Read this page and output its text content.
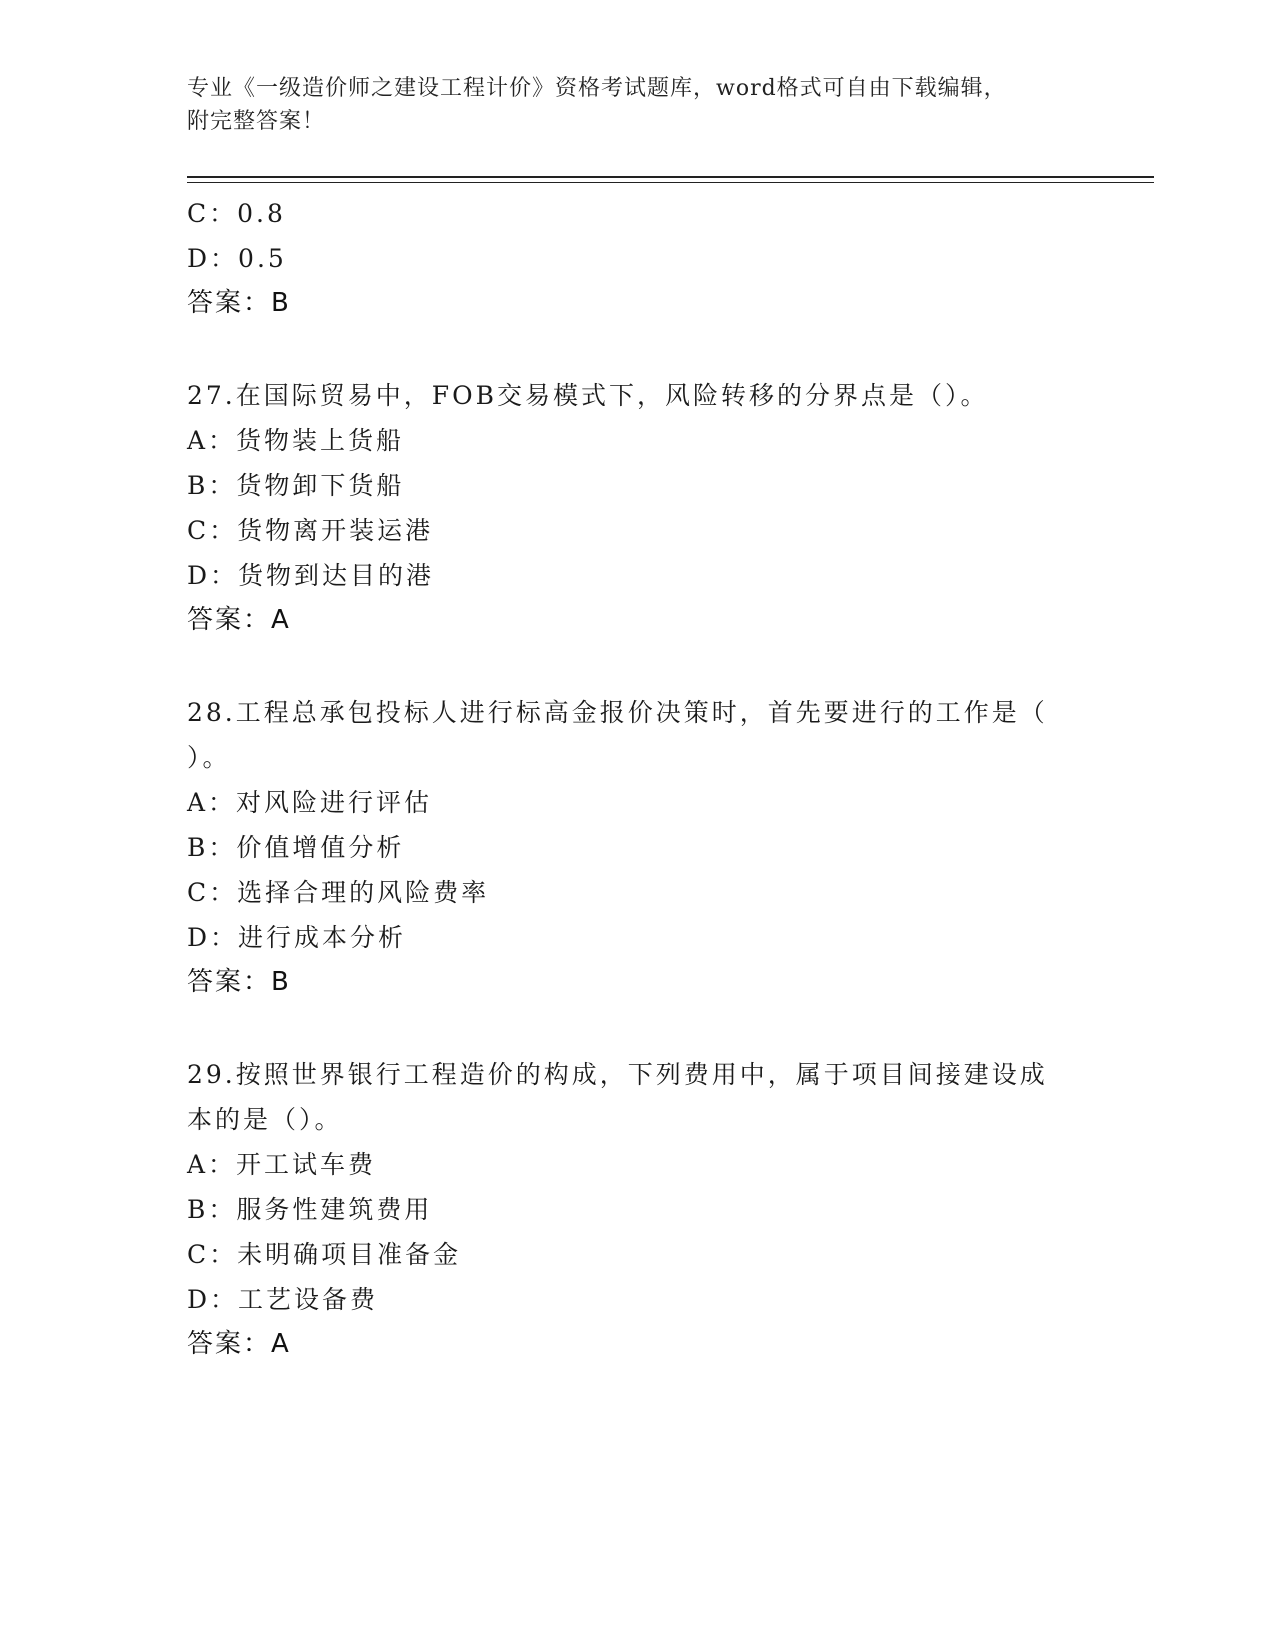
专业《一级造价师之建设工程计价》资格考试题库，word格式可自由下载编辑，
附完整答案！
C：0.8
D：0.5
答案：B
27.在国际贸易中，FOB交易模式下，风险转移的分界点是（）。
A：货物装上货船
B：货物卸下货船
C：货物离开装运港
D：货物到达目的港
答案：A
28.工程总承包投标人进行标高金报价决策时，首先要进行的工作是（
）。
A：对风险进行评估
B：价值增值分析
C：选择合理的风险费率
D：进行成本分析
答案：B
29.按照世界银行工程造价的构成，下列费用中，属于项目间接建设成
本的是（）。
A：开工试车费
B：服务性建筑费用
C：未明确项目准备金
D：工艺设备费
答案：A
